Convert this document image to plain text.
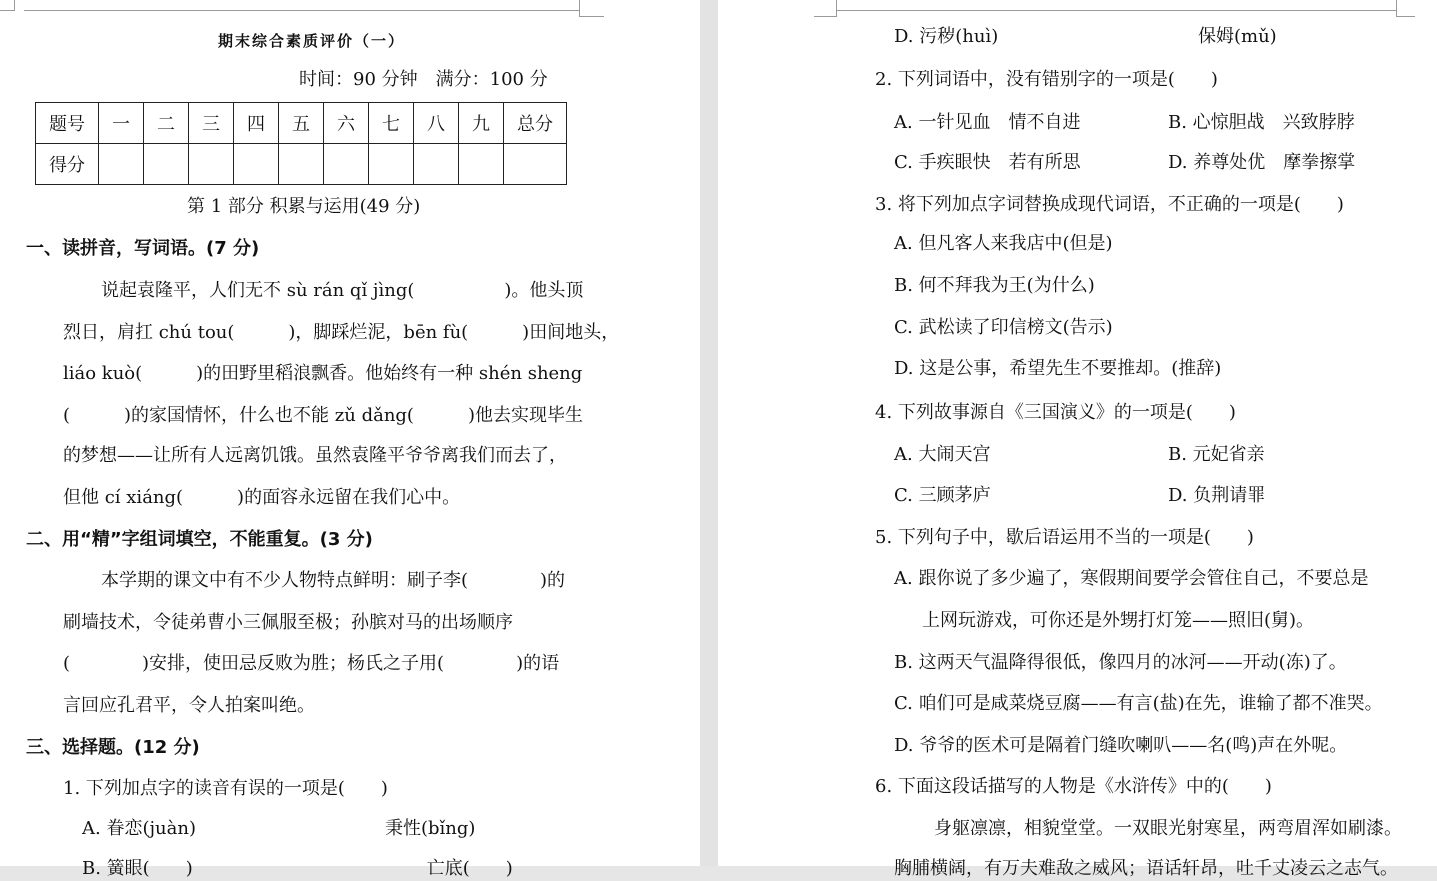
期末综合素质评价（一）
时间：90 分钟　满分：100 分
题号	一	二	三	四	五	六	七	八	九	总分
得分										
第 1 部分 积累与运用(49 分)
一、读拼音，写词语。(7 分)
说起袁隆平，人们无不 sù rán qǐ jìng(　　　　　)。他头顶
烈日，肩扛 chú tou(　　　)，脚踩烂泥，bēn fù(　　　)田间地头，
liáo kuò(　　　)的田野里稻浪飘香。他始终有一种 shén sheng
(　　　)的家国情怀，什么也不能 zǔ dǎng(　　　)他去实现毕生
的梦想——让所有人远离饥饿。虽然袁隆平爷爷离我们而去了，
但他 cí xiáng(　　　)的面容永远留在我们心中。
二、用“精”字组词填空，不能重复。(3 分)
本学期的课文中有不少人物特点鲜明：刷子李(　　　　)的
刷墙技术，令徒弟曹小三佩服至极；孙膑对马的出场顺序
(　　　　)安排，使田忌反败为胜；杨氏之子用(　　　　)的语
言回应孔君平，令人拍案叫绝。
三、选择题。(12 分)
1. 下列加点字的读音有误的一项是(　　)
A. 眷恋(juàn)	秉性(bǐng)
B. 簧眼(　　)　　　　　　　　　　　　　亡底(　　)
D. 污秽(huì)	保姆(mǔ)
2. 下列词语中，没有错别字的一项是(　　)
A. 一针见血　情不自进	B. 心惊胆战　兴致脖脖
C. 手疾眼快　若有所思	D. 养尊处优　摩拳擦掌
3. 将下列加点字词替换成现代词语，不正确的一项是(　　)
A. 但凡客人来我店中(但是)
B. 何不拜我为王(为什么)
C. 武松读了印信榜文(告示)
D. 这是公事，希望先生不要推却。(推辞)
4. 下列故事源自《三国演义》的一项是(　　)
A. 大闹天宫	B. 元妃省亲
C. 三顾茅庐	D. 负荆请罪
5. 下列句子中，歇后语运用不当的一项是(　　)
A. 跟你说了多少遍了，寒假期间要学会管住自己，不要总是
上网玩游戏，可你还是外甥打灯笼——照旧(舅)。
B. 这两天气温降得很低，像四月的冰河——开动(冻)了。
C. 咱们可是咸菜烧豆腐——有言(盐)在先，谁输了都不准哭。
D. 爷爷的医术可是隔着门缝吹喇叭——名(鸣)声在外呢。
6. 下面这段话描写的人物是《水浒传》中的(　　)
身躯凛凛，相貌堂堂。一双眼光射寒星，两弯眉浑如刷漆。
胸脯横阔，有万夫难敌之威风；语话轩昂，吐千丈凌云之志气。
